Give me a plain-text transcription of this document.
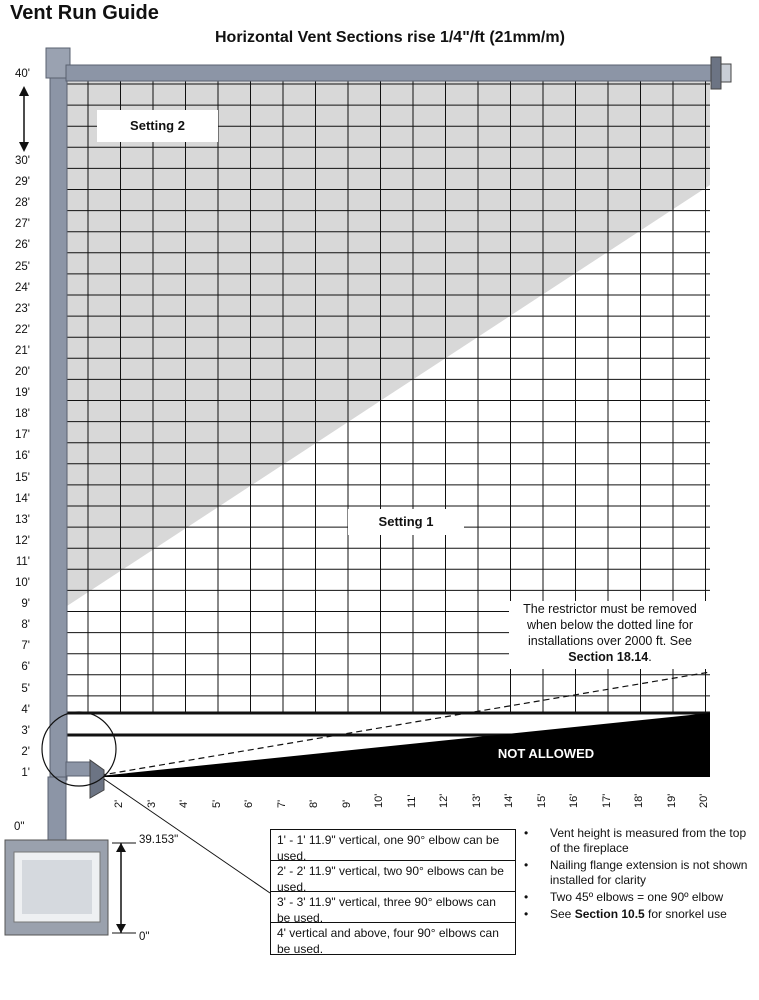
Vent Run Guide
Horizontal Vent Sections rise 1/4"/ft (21mm/m)
40'
30'
29'
28'
27'
26'
25'
24'
23'
22'
21'
20'
19'
18'
17'
16'
15'
14'
13'
12'
11'
10'
9'
8'
7'
6'
5'
4'
3'
2'
1'
2' 3' 4' 5' 6' 7' 8' 9' 10' 11' 12' 13' 14' 15' 16' 17' 18' 19' 20'
Setting 2
Setting 1
NOT ALLOWED
The restrictor must be removed when below the dotted line for installations over 2000 ft. See Section 18.14.
0"
39.153"
0"
1' - 1' 11.9" vertical, one 90° elbow can be used.
2' - 2' 11.9" vertical, two 90° elbows can be used.
3' - 3' 11.9" vertical, three 90° elbows can be used.
4' vertical and above, four 90° elbows can be used.
• Vent height is measured from the top of the fireplace
• Nailing flange extension is not shown installed for clarity
• Two 45º elbows = one 90º elbow
• See Section 10.5 for snorkel use
